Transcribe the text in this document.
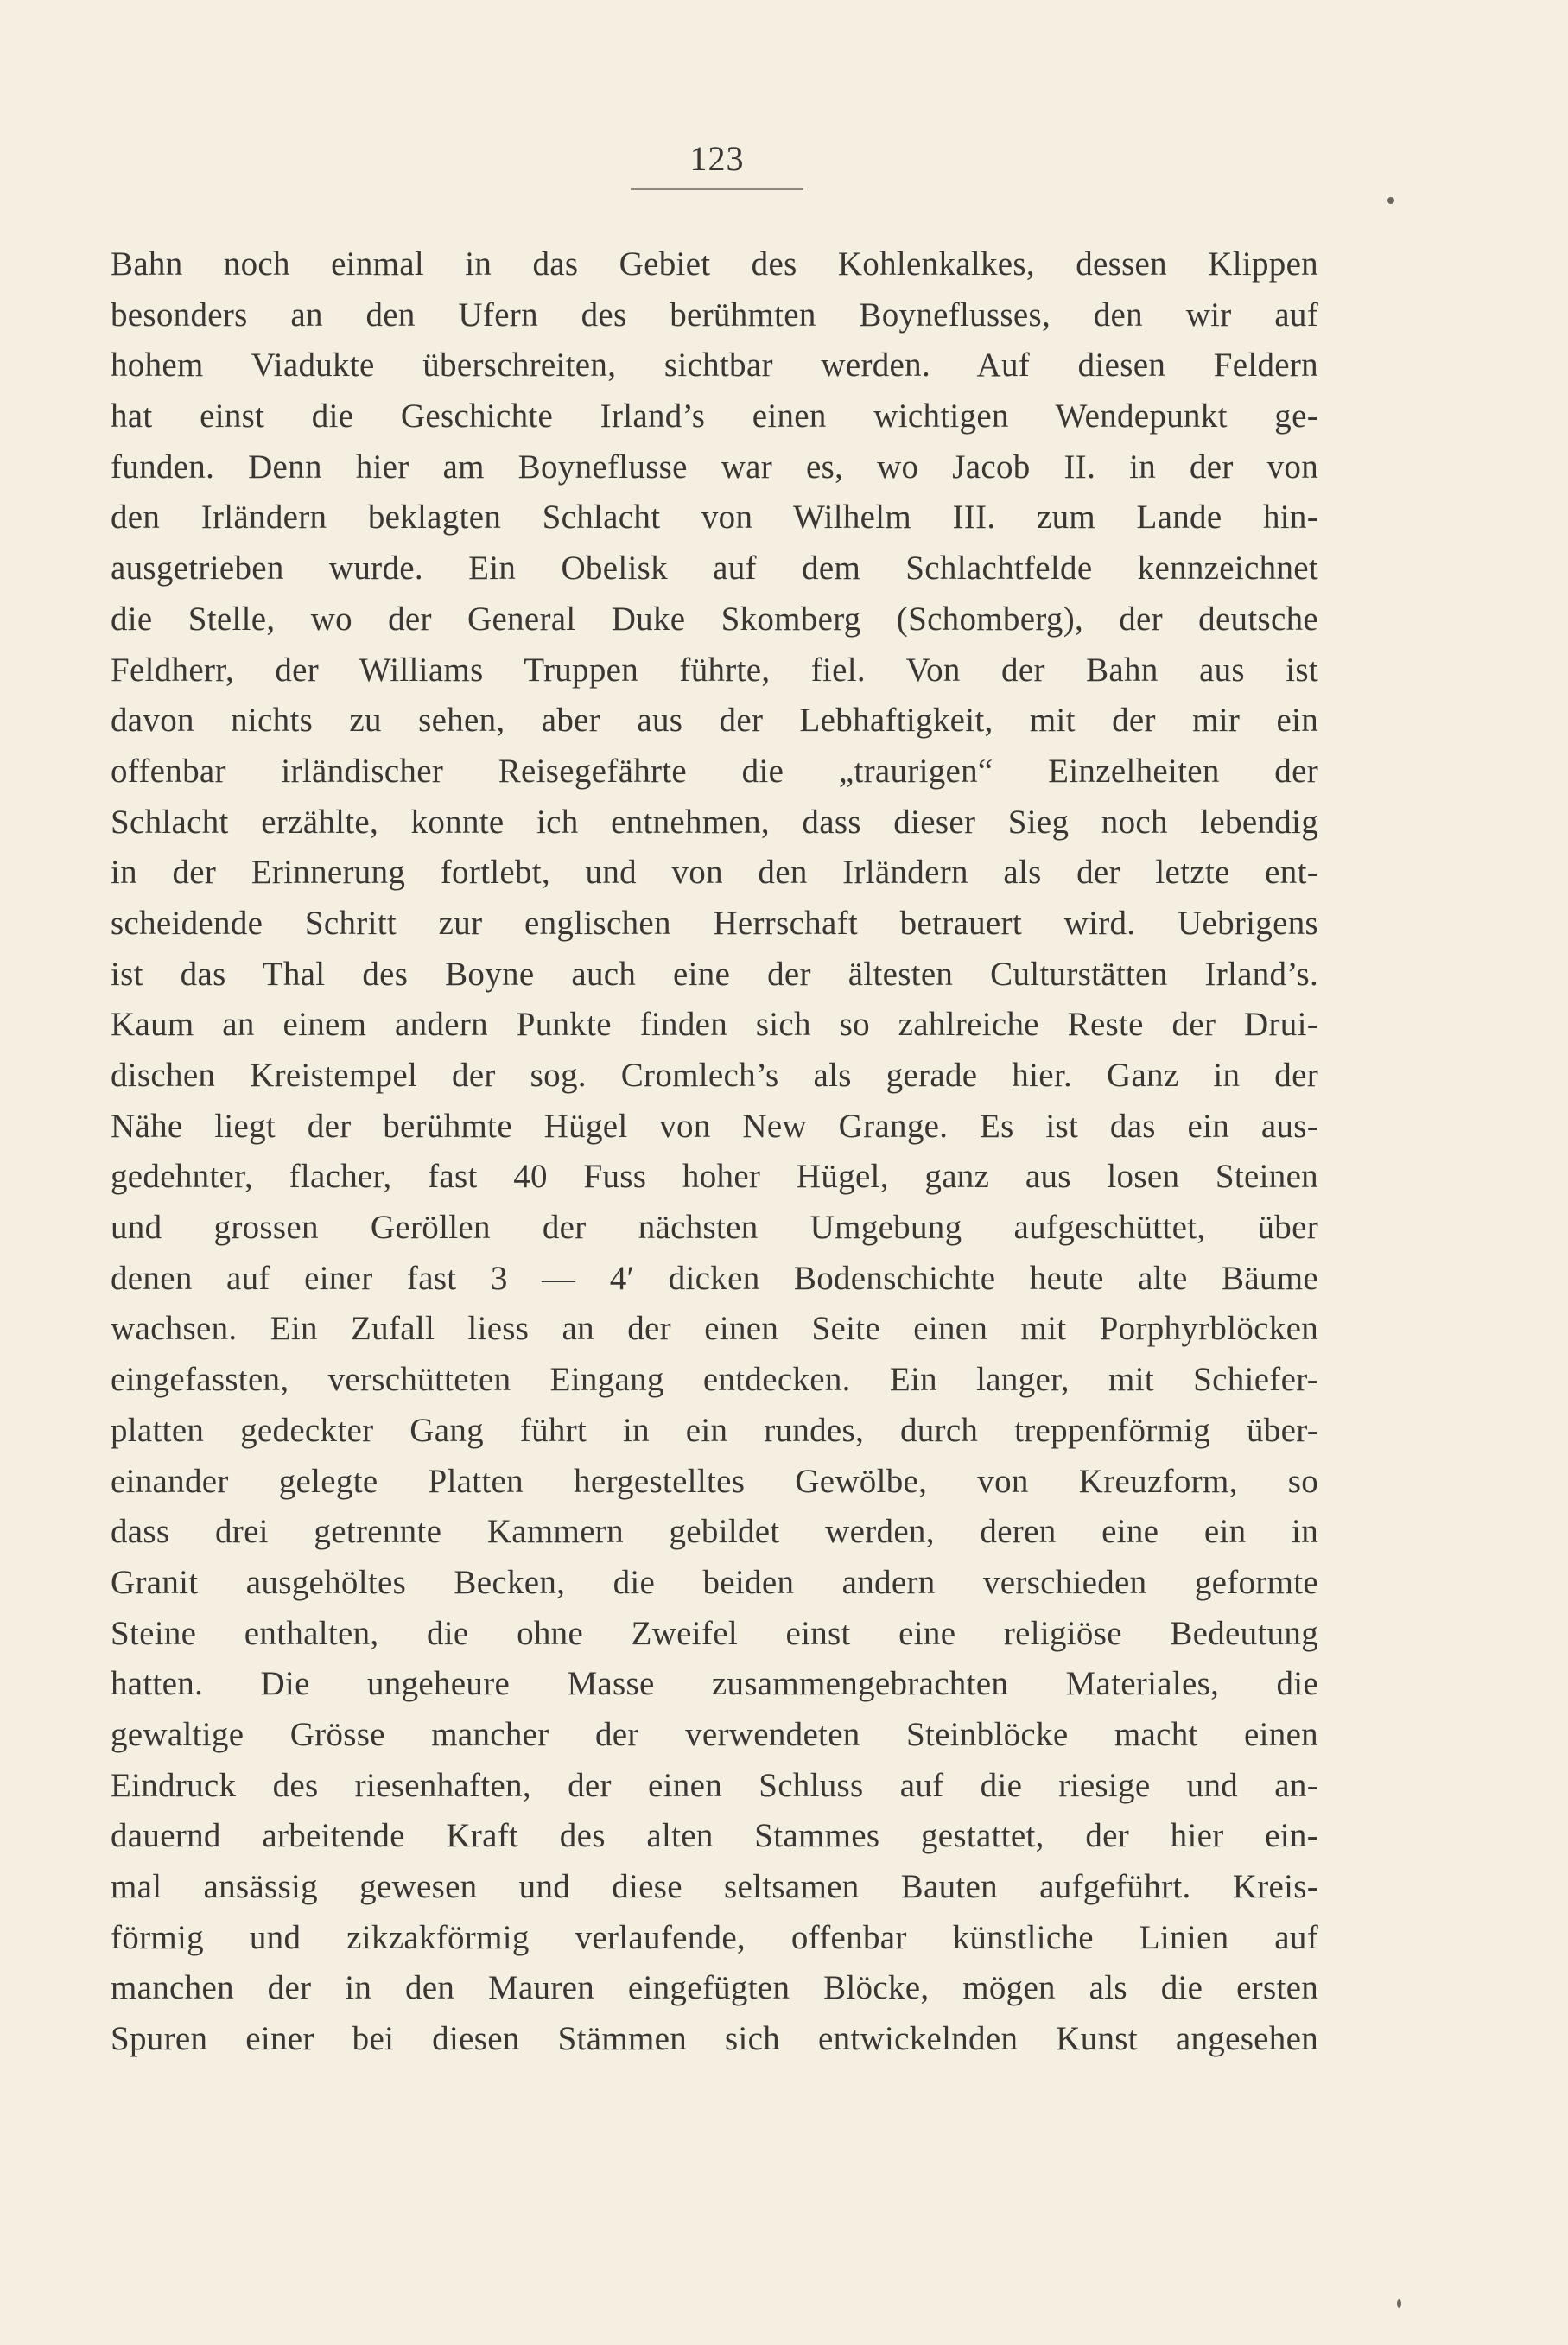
123
Bahn noch einmal in das Gebiet des Kohlenkalkes, dessen Klippen
besonders an den Ufern des berühmten Boyneflusses, den wir auf
hohem Viadukte überschreiten, sichtbar werden. Auf diesen Feldern
hat einst die Geschichte Irland’s einen wichtigen Wendepunkt ge-
funden. Denn hier am Boyneflusse war es, wo Jacob II. in der von
den Irländern beklagten Schlacht von Wilhelm III. zum Lande hin-
ausgetrieben wurde. Ein Obelisk auf dem Schlachtfelde kennzeichnet
die Stelle, wo der General Duke Skomberg (Schomberg), der deutsche
Feldherr, der Williams Truppen führte, fiel. Von der Bahn aus ist
davon nichts zu sehen, aber aus der Lebhaftigkeit, mit der mir ein
offenbar irländischer Reisegefährte die „traurigen“ Einzelheiten der
Schlacht erzählte, konnte ich entnehmen, dass dieser Sieg noch lebendig
in der Erinnerung fortlebt, und von den Irländern als der letzte ent-
scheidende Schritt zur englischen Herrschaft betrauert wird. Uebrigens
ist das Thal des Boyne auch eine der ältesten Culturstätten Irland’s.
Kaum an einem andern Punkte finden sich so zahlreiche Reste der Drui-
dischen Kreistempel der sog. Cromlech’s als gerade hier. Ganz in der
Nähe liegt der berühmte Hügel von New Grange. Es ist das ein aus-
gedehnter, flacher, fast 40 Fuss hoher Hügel, ganz aus losen Steinen
und grossen Geröllen der nächsten Umgebung aufgeschüttet, über
denen auf einer fast 3 — 4′ dicken Bodenschichte heute alte Bäume
wachsen. Ein Zufall liess an der einen Seite einen mit Porphyrblöcken
eingefassten, verschütteten Eingang entdecken. Ein langer, mit Schiefer-
platten gedeckter Gang führt in ein rundes, durch treppenförmig über-
einander gelegte Platten hergestelltes Gewölbe, von Kreuzform, so
dass drei getrennte Kammern gebildet werden, deren eine ein in
Granit ausgehöltes Becken, die beiden andern verschieden geformte
Steine enthalten, die ohne Zweifel einst eine religiöse Bedeutung
hatten. Die ungeheure Masse zusammengebrachten Materiales, die
gewaltige Grösse mancher der verwendeten Steinblöcke macht einen
Eindruck des riesenhaften, der einen Schluss auf die riesige und an-
dauernd arbeitende Kraft des alten Stammes gestattet, der hier ein-
mal ansässig gewesen und diese seltsamen Bauten aufgeführt. Kreis-
förmig und zikzakförmig verlaufende, offenbar künstliche Linien auf
manchen der in den Mauren eingefügten Blöcke, mögen als die ersten
Spuren einer bei diesen Stämmen sich entwickelnden Kunst angesehen
